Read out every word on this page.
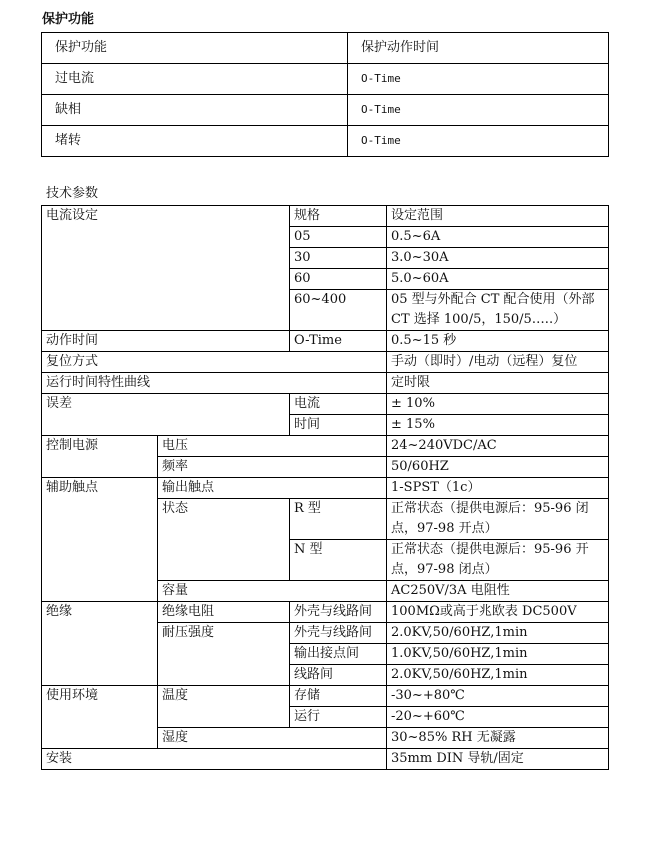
保护功能
保护功能	保护动作时间
过电流	O-Time
缺相	O-Time
堵转	O-Time
技术参数
电流设定		规格	设定范围
		05	0.5~6A
		30	3.0~30A
		60	5.0~60A
		60~400	05 型与外配合 CT 配合使用（外部 CT 选择 100/5，150/5…..）
动作时间		O-Time	0.5~15 秒
复位方式			手动（即时）/电动（远程）复位
运行时间特性曲线			定时限
误差		电流	± 10%
		时间	± 15%
控制电源	电压		24~240VDC/AC
	频率		50/60HZ
辅助触点	输出触点		1-SPST（1c）
	状态	R 型	正常状态（提供电源后：95-96 闭点，97-98 开点）
		N 型	正常状态（提供电源后：95-96 开点，97-98 闭点）
	容量		AC250V/3A 电阻性
绝缘	绝缘电阻	外壳与线路间	100MΩ或高于兆欧表 DC500V
	耐压强度	外壳与线路间	2.0KV,50/60HZ,1min
		输出接点间	1.0KV,50/60HZ,1min
		线路间	2.0KV,50/60HZ,1min
使用环境	温度	存储	-30~+80℃
		运行	-20~+60℃
	湿度		30~85% RH 无凝露
安装			35mm DIN 导轨/固定
